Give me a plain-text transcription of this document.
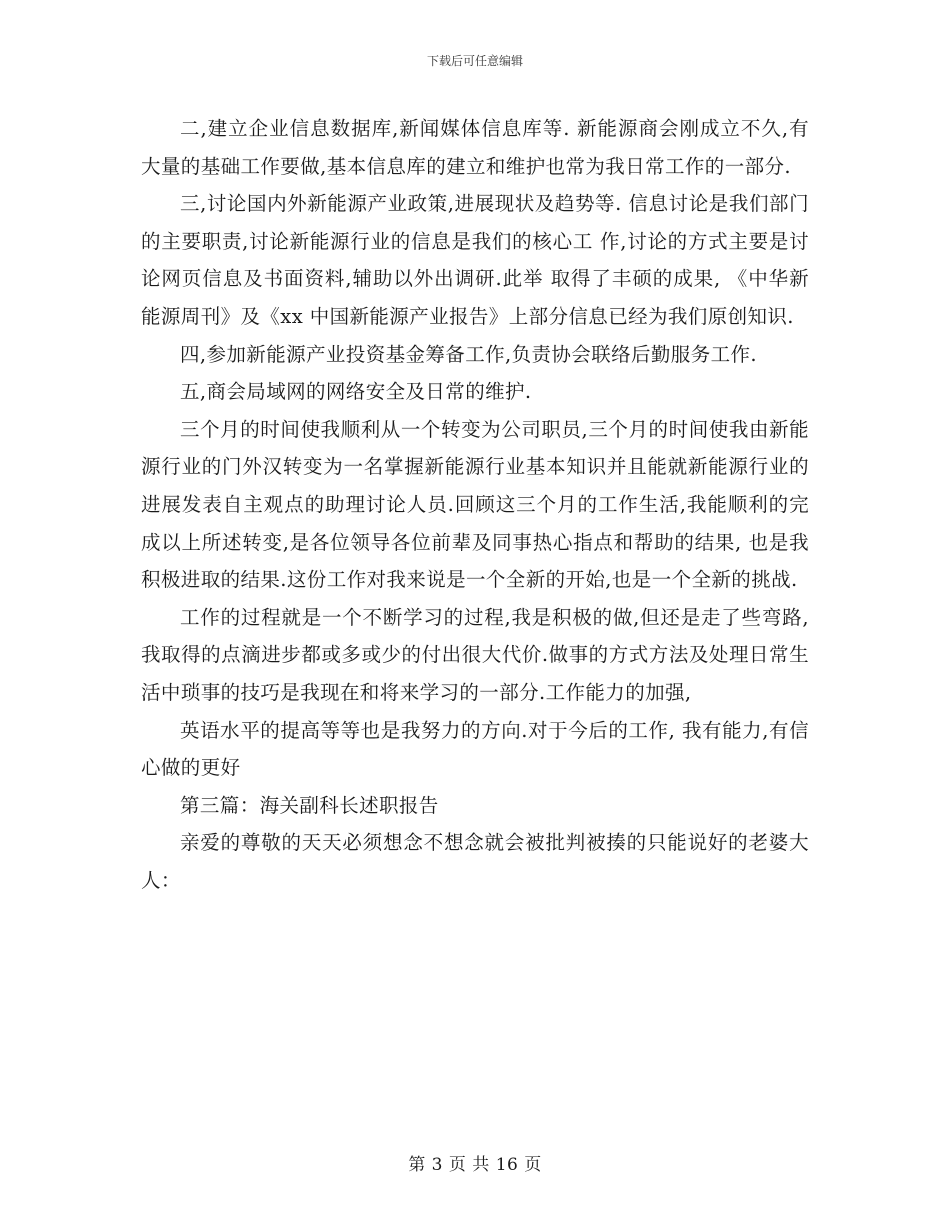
下载后可任意编辑

二,建立企业信息数据库,新闻媒体信息库等. 新能源商会刚成立不久,有大量的基础工作要做,基本信息库的建立和维护也常为我日常工作的一部分.

三,讨论国内外新能源产业政策,进展现状及趋势等. 信息讨论是我们部门的主要职责,讨论新能源行业的信息是我们的核心工 作,讨论的方式主要是讨论网页信息及书面资料,辅助以外出调研.此举 取得了丰硕的成果, 《中华新能源周刊》及《xx 中国新能源产业报告》上部分信息已经为我们原创知识.

四,参加新能源产业投资基金筹备工作,负责协会联络后勤服务工作.

五,商会局域网的网络安全及日常的维护.

三个月的时间使我顺利从一个转变为公司职员,三个月的时间使我由新能源行业的门外汉转变为一名掌握新能源行业基本知识并且能就新能源行业的进展发表自主观点的助理讨论人员.回顾这三个月的工作生活,我能顺利的完成以上所述转变,是各位领导各位前辈及同事热心指点和帮助的结果, 也是我积极进取的结果.这份工作对我来说是一个全新的开始,也是一个全新的挑战.

工作的过程就是一个不断学习的过程,我是积极的做,但还是走了些弯路, 我取得的点滴进步都或多或少的付出很大代价.做事的方式方法及处理日常生活中琐事的技巧是我现在和将来学习的一部分.工作能力的加强,

英语水平的提高等等也是我努力的方向.对于今后的工作, 我有能力,有信心做的更好

第三篇：海关副科长述职报告

亲爱的尊敬的天天必须想念不想念就会被批判被揍的只能说好的老婆大人：

第 3 页 共 16 页
